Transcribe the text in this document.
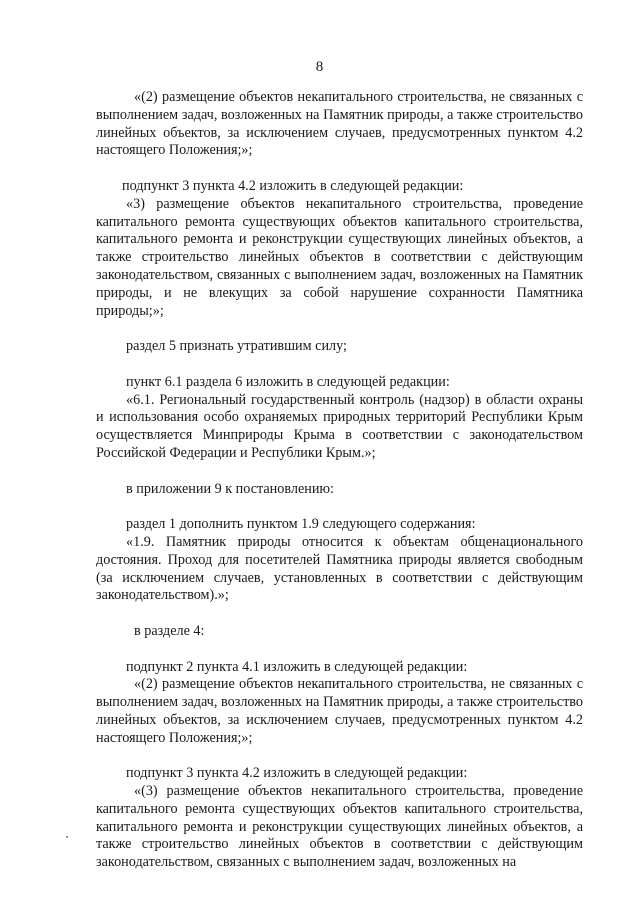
8

«(2) размещение объектов некапитального строительства, не связанных с выполнением задач, возложенных на Памятник природы, а также строительство линейных объектов, за исключением случаев, предусмотренных пунктом 4.2 настоящего Положения;»;

подпункт 3 пункта 4.2 изложить в следующей редакции:

«3) размещение объектов некапитального строительства, проведение капитального ремонта существующих объектов капитального строительства, капитального ремонта и реконструкции существующих линейных объектов, а также строительство линейных объектов в соответствии с действующим законодательством, связанных с выполнением задач, возложенных на Памятник природы, и не влекущих за собой нарушение сохранности Памятника природы;»;

раздел 5 признать утратившим силу;

пункт 6.1 раздела 6 изложить в следующей редакции:

«6.1. Региональный государственный контроль (надзор) в области охраны и использования особо охраняемых природных территорий Республики Крым осуществляется Минприроды Крыма в соответствии с законодательством Российской Федерации и Республики Крым.»;

в приложении 9 к постановлению:

раздел 1 дополнить пунктом 1.9 следующего содержания:

«1.9. Памятник природы относится к объектам общенационального достояния. Проход для посетителей Памятника природы является свободным (за исключением случаев, установленных в соответствии с действующим законодательством).»;

в разделе 4:

подпункт 2 пункта 4.1 изложить в следующей редакции:

«(2) размещение объектов некапитального строительства, не связанных с выполнением задач, возложенных на Памятник природы, а также строительство линейных объектов, за исключением случаев, предусмотренных пунктом 4.2 настоящего Положения;»;

подпункт 3 пункта 4.2 изложить в следующей редакции:

«(3) размещение объектов некапитального строительства, проведение капитального ремонта существующих объектов капитального строительства, капитального ремонта и реконструкции существующих линейных объектов, а также строительство линейных объектов в соответствии с действующим законодательством, связанных с выполнением задач, возложенных на
